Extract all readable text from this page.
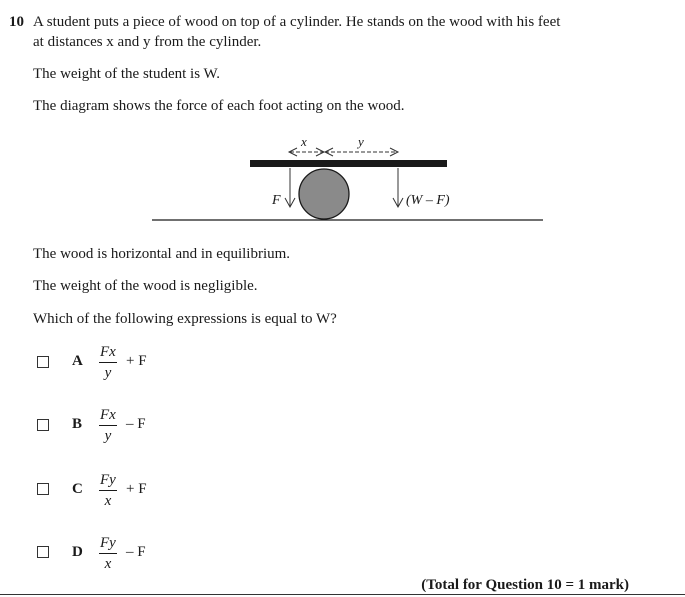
10 A student puts a piece of wood on top of a cylinder. He stands on the wood with his feet
at distances x and y from the cylinder.
The weight of the student is W.
The diagram shows the force of each foot acting on the wood.
x	y
F	(W – F)
The wood is horizontal and in equilibrium.
The weight of the wood is negligible.
Which of the following expressions is equal to W?
A
Fx
y
+ F
B
Fx
y
– F
C
Fy
x
+ F
D
Fy
x
– F
(Total for Question 10 = 1 mark)
